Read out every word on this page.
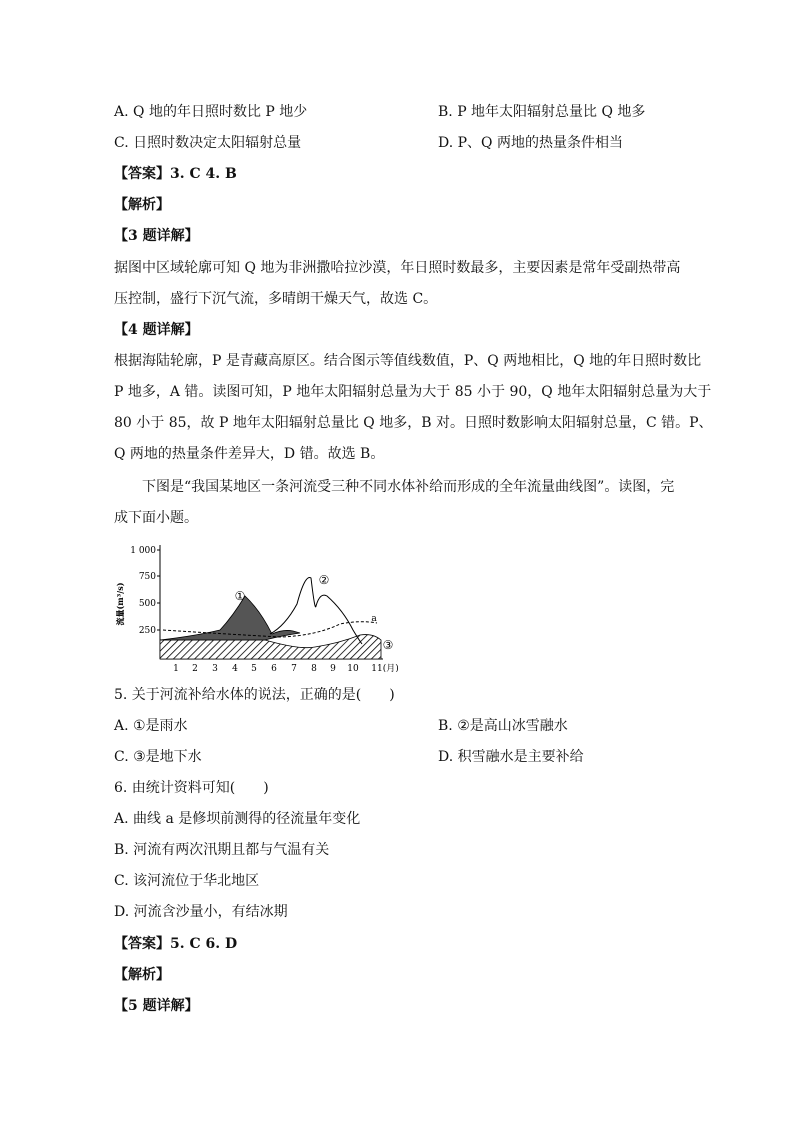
A. Q 地的年日照时数比 P 地少	B. P 地年太阳辐射总量比 Q 地多
C. 日照时数决定太阳辐射总量	D. P、Q 两地的热量条件相当
【答案】3. C 4. B
【解析】
【3 题详解】
据图中区域轮廓可知 Q 地为非洲撒哈拉沙漠，年日照时数最多，主要因素是常年受副热带高
压控制，盛行下沉气流，多晴朗干燥天气，故选 C。
【4 题详解】
根据海陆轮廓，P 是青藏高原区。结合图示等值线数值，P、Q 两地相比，Q 地的年日照时数比
P 地多，A 错。读图可知，P 地年太阳辐射总量为大于 85 小于 90，Q 地年太阳辐射总量为大于
80 小于 85，故 P 地年太阳辐射总量比 Q 地多，B 对。日照时数影响太阳辐射总量，C 错。P、
Q 两地的热量条件差异大，D 错。故选 B。
下图是“我国某地区一条河流受三种不同水体补给而形成的全年流量曲线图”。读图，完
成下面小题。
流量(m³/s)
1 000
750
500
250
①
②
③
a
1 2 3 4 5 6 7 8 9 10 11(月)
5. 关于河流补给水体的说法，正确的是(　　)
A. ①是雨水	B. ②是高山冰雪融水
C. ③是地下水	D. 积雪融水是主要补给
6. 由统计资料可知(　　)
A. 曲线 a 是修坝前测得的径流量年变化
B. 河流有两次汛期且都与气温有关
C. 该河流位于华北地区
D. 河流含沙量小，有结冰期
【答案】5. C 6. D
【解析】
【5 题详解】
